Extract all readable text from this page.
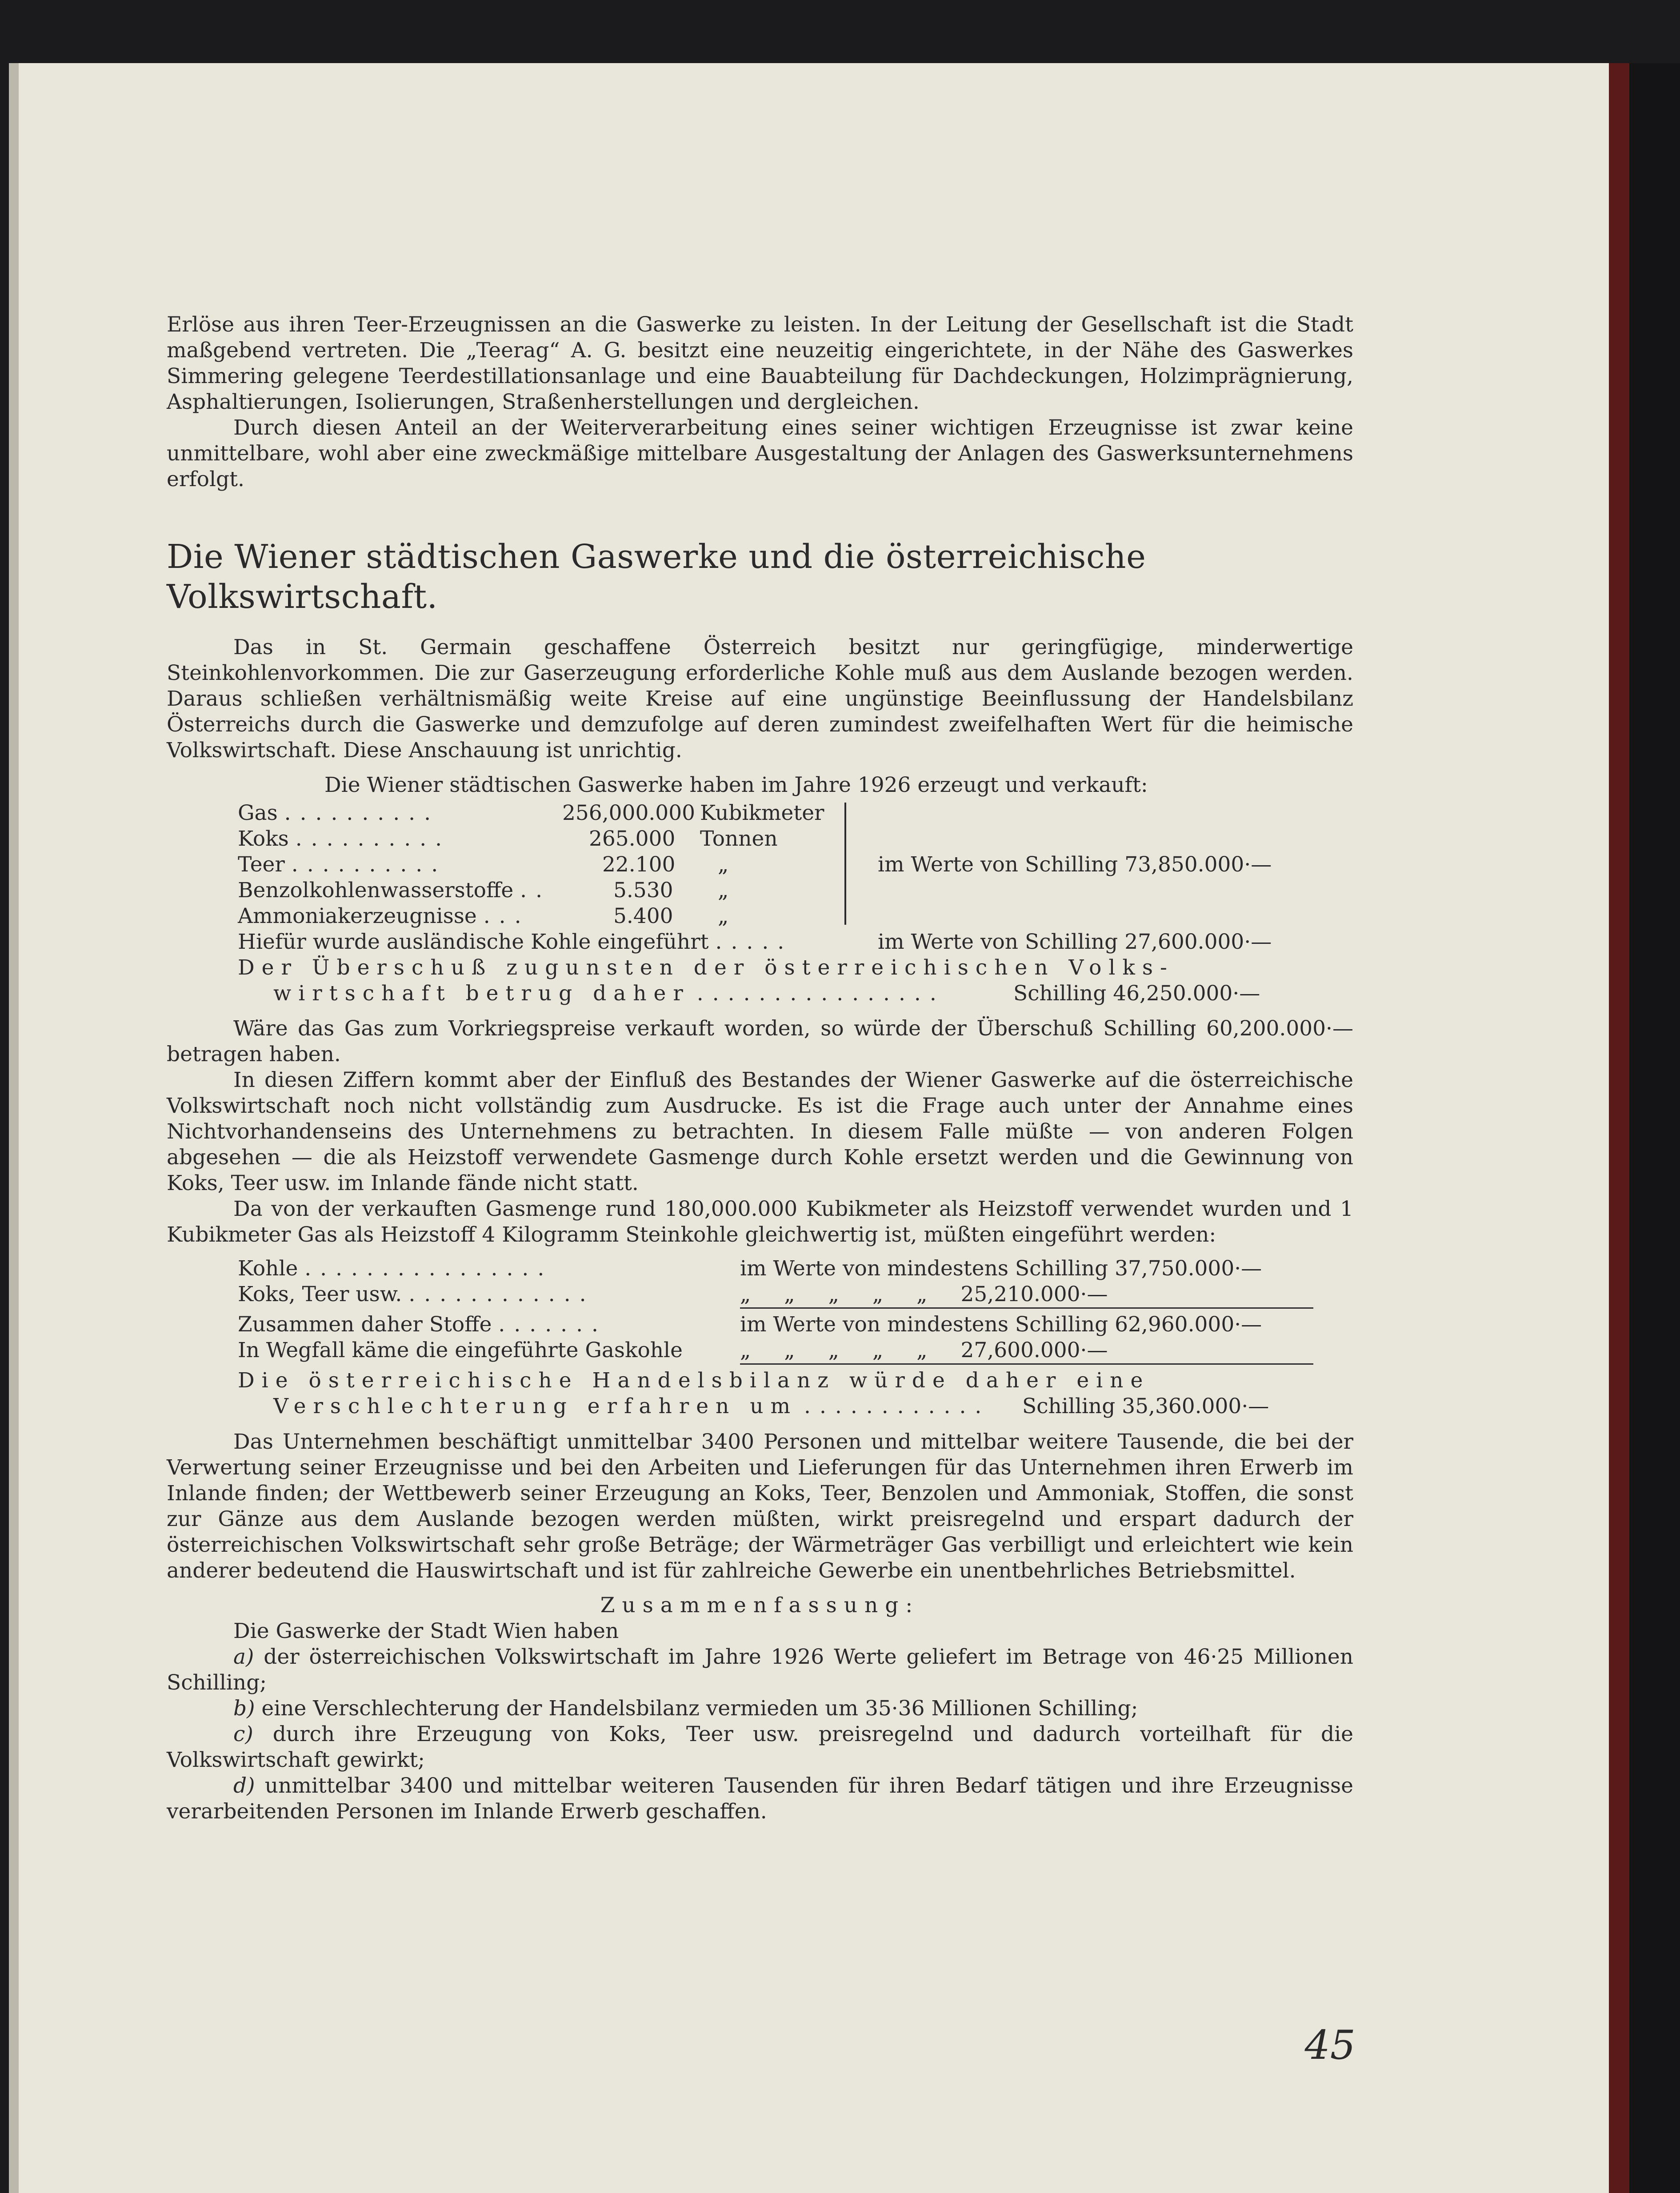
Erlöse aus ihren Teer-Erzeugnissen an die Gaswerke zu leisten. In der Leitung der Gesellschaft ist die Stadt maßgebend vertreten. Die „Teerag“ A. G. besitzt eine neuzeitig eingerichtete, in der Nähe des Gaswerkes Simmering gelegene Teerdestillationsanlage und eine Bauabteilung für Dachdeckungen, Holzimprägnierung, Asphaltierungen, Isolierungen, Straßenherstellungen und dergleichen.

Durch diesen Anteil an der Weiterverarbeitung eines seiner wichtigen Erzeugnisse ist zwar keine unmittelbare, wohl aber eine zweckmäßige mittelbare Ausgestaltung der Anlagen des Gaswerksunternehmens erfolgt.

Die Wiener städtischen Gaswerke und die österreichische Volkswirtschaft.

Das in St. Germain geschaffene Österreich besitzt nur geringfügige, minderwertige Steinkohlenvorkommen. Die zur Gaserzeugung erforderliche Kohle muß aus dem Auslande bezogen werden. Daraus schließen verhältnismäßig weite Kreise auf eine ungünstige Beeinflussung der Handelsbilanz Österreichs durch die Gaswerke und demzufolge auf deren zumindest zweifelhaften Wert für die heimische Volkswirtschaft. Diese Anschauung ist unrichtig.

Die Wiener städtischen Gaswerke haben im Jahre 1926 erzeugt und verkauft:

Gas ..........	256,000.000 Kubikmeter
Koks ..........	265.000 Tonnen
Teer ..........	22.100 „
Benzolkohlenwasserstoffe ..	5.530 „
Ammoniakerzeugnisse ...	5.400 „
im Werte von Schilling 73,850.000·—
Hiefür wurde ausländische Kohle eingeführt .....	im Werte von Schilling 27,600.000·—
Der Überschuß zugunsten der österreichischen Volks-
wirtschaft betrug daher ................	Schilling 46,250.000·—

Wäre das Gas zum Vorkriegspreise verkauft worden, so würde der Überschuß Schilling 60,200.000·— betragen haben.

In diesen Ziffern kommt aber der Einfluß des Bestandes der Wiener Gaswerke auf die österreichische Volkswirtschaft noch nicht vollständig zum Ausdrucke. Es ist die Frage auch unter der Annahme eines Nichtvorhandenseins des Unternehmens zu betrachten. In diesem Falle müßte — von anderen Folgen abgesehen — die als Heizstoff verwendete Gasmenge durch Kohle ersetzt werden und die Gewinnung von Koks, Teer usw. im Inlande fände nicht statt.

Da von der verkauften Gasmenge rund 180,000.000 Kubikmeter als Heizstoff verwendet wurden und 1 Kubikmeter Gas als Heizstoff 4 Kilogramm Steinkohle gleichwertig ist, müßten eingeführt werden:

Kohle ................	im Werte von mindestens Schilling 37,750.000·—
Koks, Teer usw. ............	„ „ „ „ „ 25,210.000·—
Zusammen daher Stoffe .......	im Werte von mindestens Schilling 62,960.000·—
In Wegfall käme die eingeführte Gaskohle	„ „ „ „ „ 27,600.000·—
Die österreichische Handelsbilanz würde daher eine
Verschlechterung erfahren um ............ Schilling 35,360.000·—

Das Unternehmen beschäftigt unmittelbar 3400 Personen und mittelbar weitere Tausende, die bei der Verwertung seiner Erzeugnisse und bei den Arbeiten und Lieferungen für das Unternehmen ihren Erwerb im Inlande finden; der Wettbewerb seiner Erzeugung an Koks, Teer, Benzolen und Ammoniak, Stoffen, die sonst zur Gänze aus dem Auslande bezogen werden müßten, wirkt preisregelnd und erspart dadurch der österreichischen Volkswirtschaft sehr große Beträge; der Wärmeträger Gas verbilligt und erleichtert wie kein anderer bedeutend die Hauswirtschaft und ist für zahlreiche Gewerbe ein unentbehrliches Betriebsmittel.

Zusammenfassung:

Die Gaswerke der Stadt Wien haben

a) der österreichischen Volkswirtschaft im Jahre 1926 Werte geliefert im Betrage von 46·25 Millionen Schilling;

b) eine Verschlechterung der Handelsbilanz vermieden um 35·36 Millionen Schilling;

c) durch ihre Erzeugung von Koks, Teer usw. preisregelnd und dadurch vorteilhaft für die Volkswirtschaft gewirkt;

d) unmittelbar 3400 und mittelbar weiteren Tausenden für ihren Bedarf tätigen und ihre Erzeugnisse verarbeitenden Personen im Inlande Erwerb geschaffen.

45
